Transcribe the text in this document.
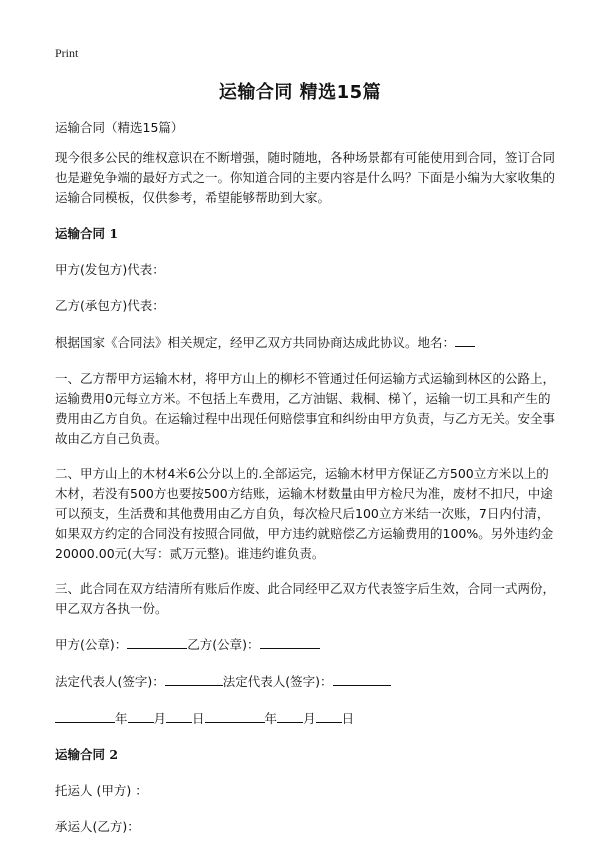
Print
运输合同 精选15篇

运输合同（精选15篇）

现今很多公民的维权意识在不断增强，随时随地，各种场景都有可能使用到合同，签订合同也是避免争端的最好方式之一。你知道合同的主要内容是什么吗？下面是小编为大家收集的运输合同模板，仅供参考，希望能够帮助到大家。

运输合同 1

甲方(发包方)代表：

乙方(承包方)代表：

根据国家《合同法》相关规定，经甲乙双方共同协商达成此协议。地名：

一、乙方帮甲方运输木材，将甲方山上的柳杉不管通过任何运输方式运输到林区的公路上，运输费用0元每立方米。不包括上车费用，乙方油锯、栽桐、梯丫，运输一切工具和产生的费用由乙方自负。在运输过程中出现任何赔偿事宜和纠纷由甲方负责，与乙方无关。安全事故由乙方自己负责。

二、甲方山上的木材4米6公分以上的.全部运完，运输木材甲方保证乙方500立方米以上的木材，若没有500方也要按500方结账，运输木材数量由甲方检尺为准，废材不扣尺，中途可以预支，生活费和其他费用由乙方自负，每次检尺后100立方米结一次账，7日内付清，如果双方约定的合同没有按照合同做，甲方违约就赔偿乙方运输费用的100%。另外违约金20000.00元(大写：贰万元整)。谁违约谁负责。

三、此合同在双方结清所有账后作废、此合同经甲乙双方代表签字后生效，合同一式两份，甲乙双方各执一份。

甲方(公章)：	乙方(公章)：

法定代表人(签字)：	法定代表人(签字)：

年 月 日	年 月 日

运输合同 2

托运人 (甲方) ：

承运人(乙方)：
